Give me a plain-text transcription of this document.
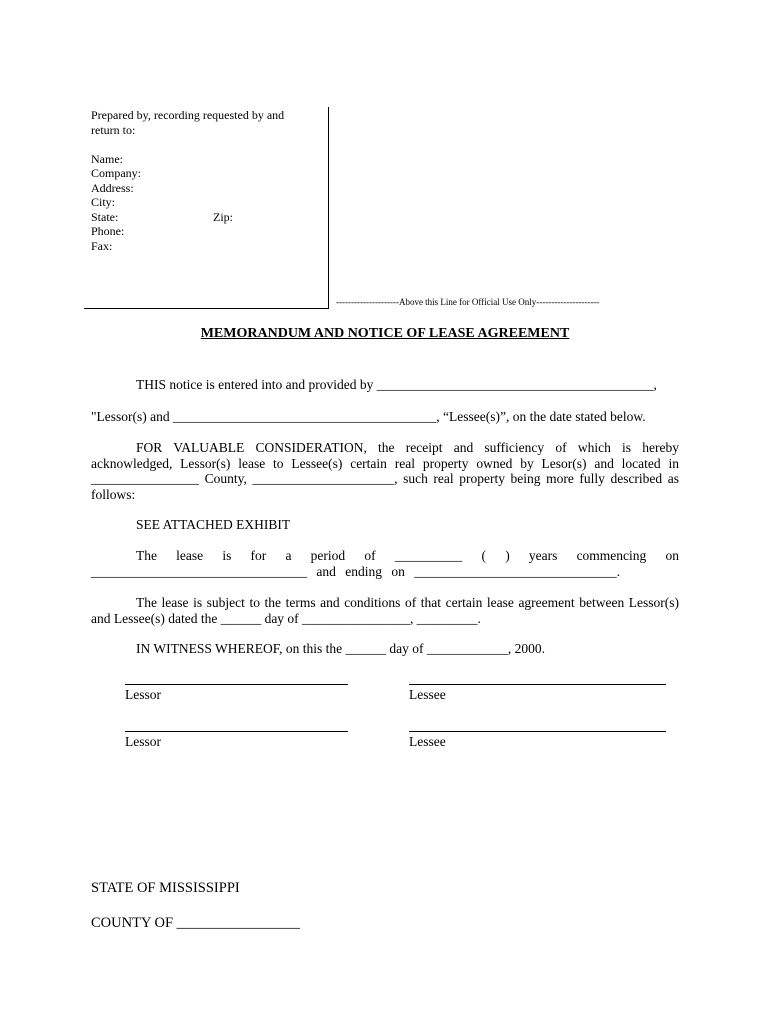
Prepared by, recording requested by and
return to:
Name:
Company:
Address:
City:
State:	Zip:
Phone:
Fax:
---------------------Above this Line for Official Use Only---------------------
MEMORANDUM AND NOTICE OF LEASE AGREEMENT
THIS notice is entered into and provided by _________________________________________,
"Lessor(s) and _______________________________________, “Lessee(s)”, on the date stated below.
FOR VALUABLE CONSIDERATION, the receipt and sufficiency of which is hereby acknowledged, Lessor(s) lease to Lessee(s) certain real property owned by Lesor(s) and located in ________________ County, _____________________, such real property being more fully described as follows:
SEE ATTACHED EXHIBIT
The lease is for a period of __________ ( ) years commencing on ________________________________ and ending on ______________________________.
The lease is subject to the terms and conditions of that certain lease agreement between Lessor(s) and Lessee(s) dated the ______ day of ________________, _________.
IN WITNESS WHEREOF, on this the ______ day of ____________, 2000.
Lessor	Lessee
Lessor	Lessee
STATE OF MISSISSIPPI
COUNTY OF _________________
